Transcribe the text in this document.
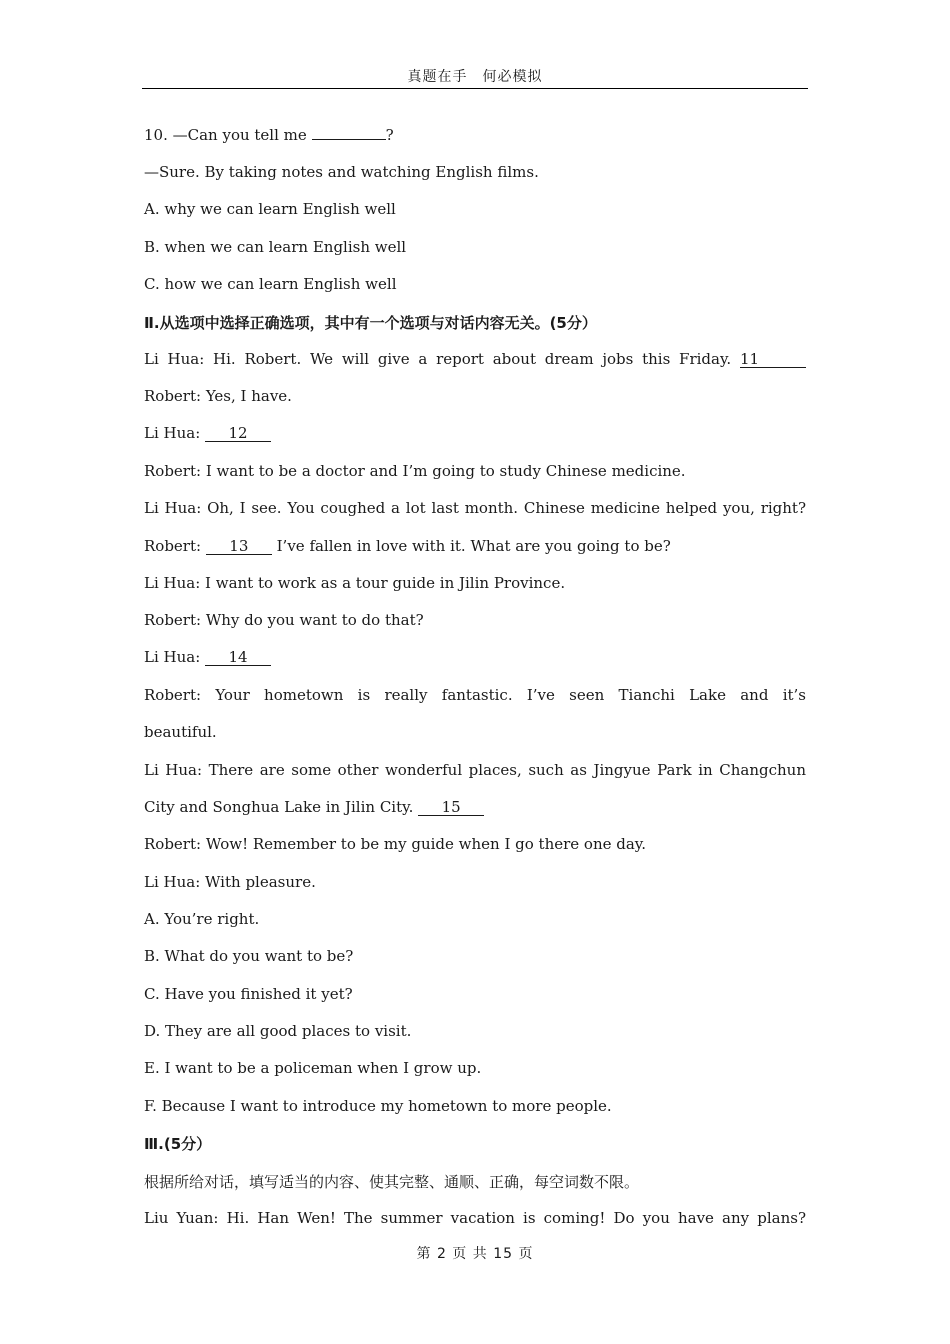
真题在手　何必模拟
10. —Can you tell me	?
—Sure. By taking notes and watching English films.
A. why we can learn English well
B. when we can learn English well
C. how we can learn English well
Ⅱ.从选项中选择正确选项，其中有一个选项与对话内容无关。(5分）
Li Hua: Hi. Robert. We will give a report about dream jobs this Friday. 11
Robert: Yes, I have.
Li Hua: 12
Robert: I want to be a doctor and I’m going to study Chinese medicine.
Li Hua: Oh, I see. You coughed a lot last month. Chinese medicine helped you, right?
Robert: 13 I’ve fallen in love with it. What are you going to be?
Li Hua: I want to work as a tour guide in Jilin Province.
Robert: Why do you want to do that?
Li Hua: 14
Robert: Your hometown is really fantastic. I’ve seen Tianchi Lake and it’s
beautiful.
Li Hua: There are some other wonderful places, such as Jingyue Park in Changchun
City and Songhua Lake in Jilin City. 15
Robert: Wow! Remember to be my guide when I go there one day.
Li Hua: With pleasure.
A. You’re right.
B. What do you want to be?
C. Have you finished it yet?
D. They are all good places to visit.
E. I want to be a policeman when I grow up.
F. Because I want to introduce my hometown to more people.
Ⅲ.(5分）
根据所给对话，填写适当的内容、使其完整、通顺、正确，每空词数不限。
Liu Yuan: Hi. Han Wen! The summer vacation is coming! Do you have any plans?
第 2 页 共 15 页
